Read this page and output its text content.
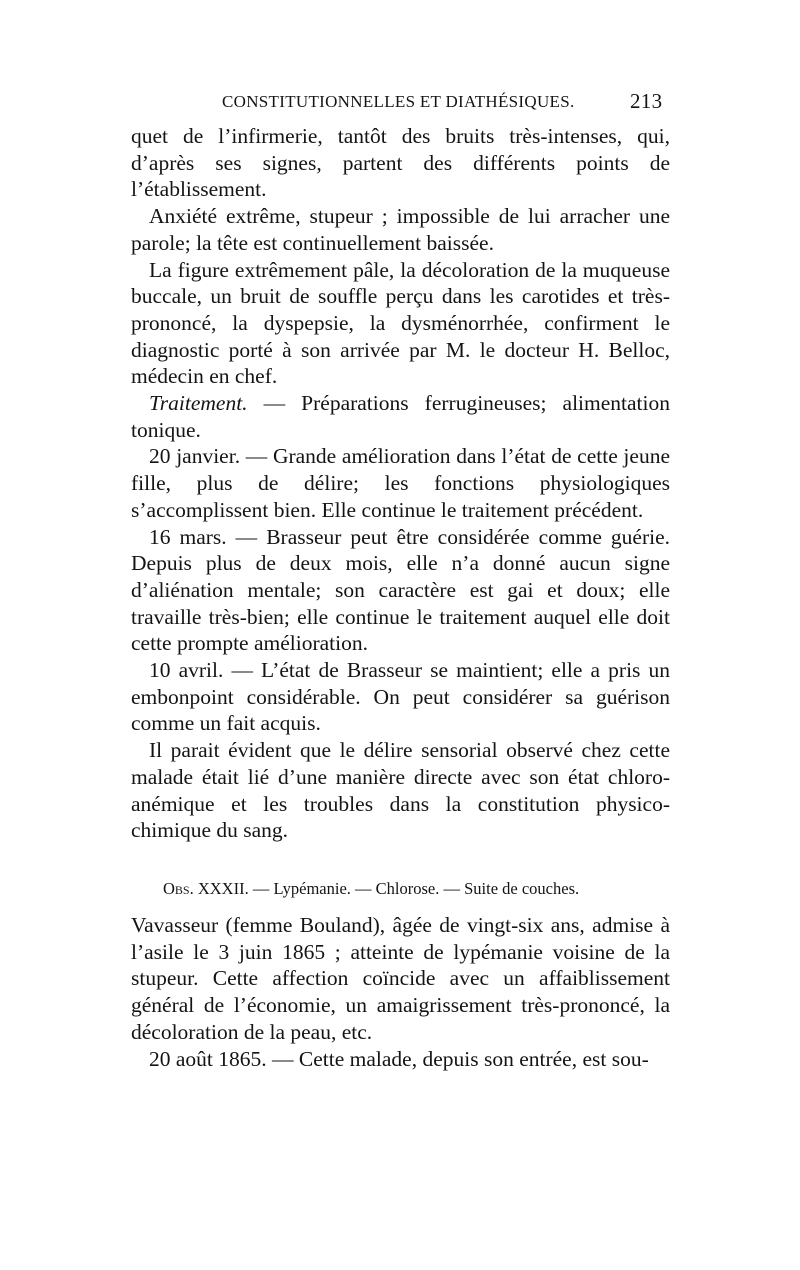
CONSTITUTIONNELLES ET DIATHÉSIQUES.	213

quet de l’infirmerie, tantôt des bruits très-intenses, qui, d’après ses signes, partent des différents points de l’établissement.

Anxiété extrême, stupeur ; impossible de lui arracher une parole; la tête est continuellement baissée.

La figure extrêmement pâle, la décoloration de la muqueuse buccale, un bruit de souffle perçu dans les carotides et très-prononcé, la dyspepsie, la dysménorrhée, confirment le diagnostic porté à son arrivée par M. le docteur H. Belloc, médecin en chef.

Traitement. — Préparations ferrugineuses; alimentation tonique.

20 janvier. — Grande amélioration dans l’état de cette jeune fille, plus de délire; les fonctions physiologiques s’accomplissent bien. Elle continue le traitement précédent.

16 mars. — Brasseur peut être considérée comme guérie. Depuis plus de deux mois, elle n’a donné aucun signe d’aliénation mentale; son caractère est gai et doux; elle travaille très-bien; elle continue le traitement auquel elle doit cette prompte amélioration.

10 avril. — L’état de Brasseur se maintient; elle a pris un embonpoint considérable. On peut considérer sa guérison comme un fait acquis.

Il parait évident que le délire sensorial observé chez cette malade était lié d’une manière directe avec son état chloro-anémique et les troubles dans la constitution physico-chimique du sang.

Obs. XXXII. — Lypémanie. — Chlorose. — Suite de couches.

Vavasseur (femme Bouland), âgée de vingt-six ans, admise à l’asile le 3 juin 1865 ; atteinte de lypémanie voisine de la stupeur. Cette affection coïncide avec un affaiblissement général de l’économie, un amaigrissement très-prononcé, la décoloration de la peau, etc.

20 août 1865. — Cette malade, depuis son entrée, est sou-
